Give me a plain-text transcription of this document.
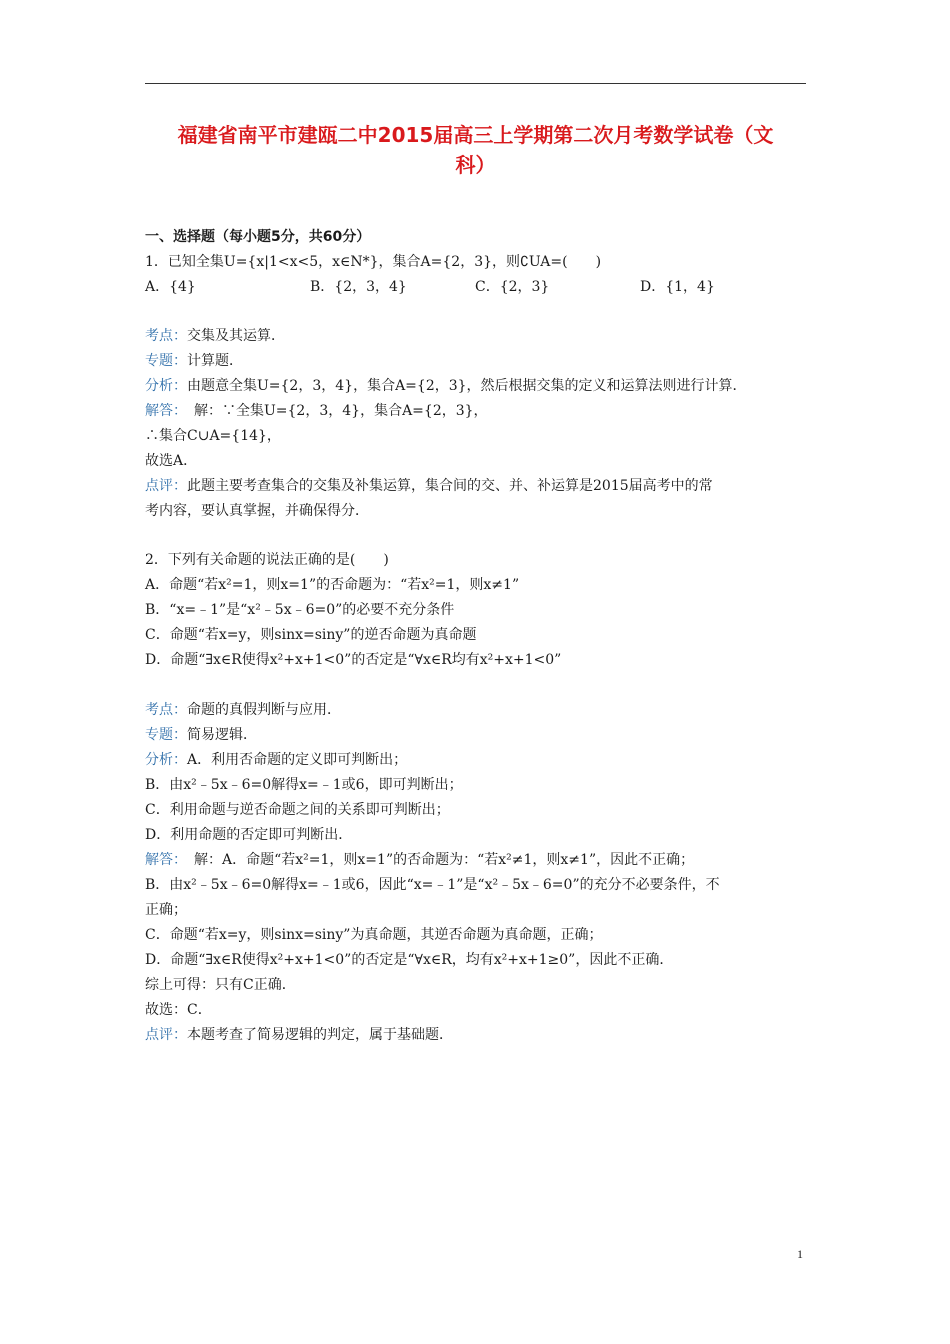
福建省南平市建瓯二中2015届高三上学期第二次月考数学试卷（文
科）
一、选择题（每小题5分，共60分）
1．已知全集U={x|1<x<5，x∈N*}，集合A={2，3}，则∁UA=(　　)
A．{4}	B．{2，3，4}	C．{2，3}	D．{1，4}
考点：交集及其运算．
专题：计算题．
分析：由题意全集U={2，3，4}，集合A={2，3}，然后根据交集的定义和运算法则进行计算．
解答：　解：∵全集U={2，3，4}，集合A={2，3}，
∴集合C∪A={14}，
故选A．
点评：此题主要考查集合的交集及补集运算，集合间的交、并、补运算是2015届高考中的常
考内容，要认真掌握，并确保得分．
2．下列有关命题的说法正确的是(　　)
A．命题“若x²=1，则x=1”的否命题为：“若x²=1，则x≠1”
B．“x=﹣1”是“x²﹣5x﹣6=0”的必要不充分条件
C．命题“若x=y，则sinx=siny”的逆否命题为真命题
D．命题“∃x∈R使得x²+x+1<0”的否定是“∀x∈R均有x²+x+1<0”
考点：命题的真假判断与应用．
专题：简易逻辑．
分析：A．利用否命题的定义即可判断出；
B．由x²﹣5x﹣6=0解得x=﹣1或6，即可判断出；
C．利用命题与逆否命题之间的关系即可判断出；
D．利用命题的否定即可判断出．
解答：　解：A．命题“若x²=1，则x=1”的否命题为：“若x²≠1，则x≠1”，因此不正确；
B．由x²﹣5x﹣6=0解得x=﹣1或6，因此“x=﹣1”是“x²﹣5x﹣6=0”的充分不必要条件，不
正确；
C．命题“若x=y，则sinx=siny”为真命题，其逆否命题为真命题，正确；
D．命题“∃x∈R使得x²+x+1<0”的否定是“∀x∈R，均有x²+x+1≥0”，因此不正确．
综上可得：只有C正确．
故选：C．
点评：本题考查了简易逻辑的判定，属于基础题．
1
